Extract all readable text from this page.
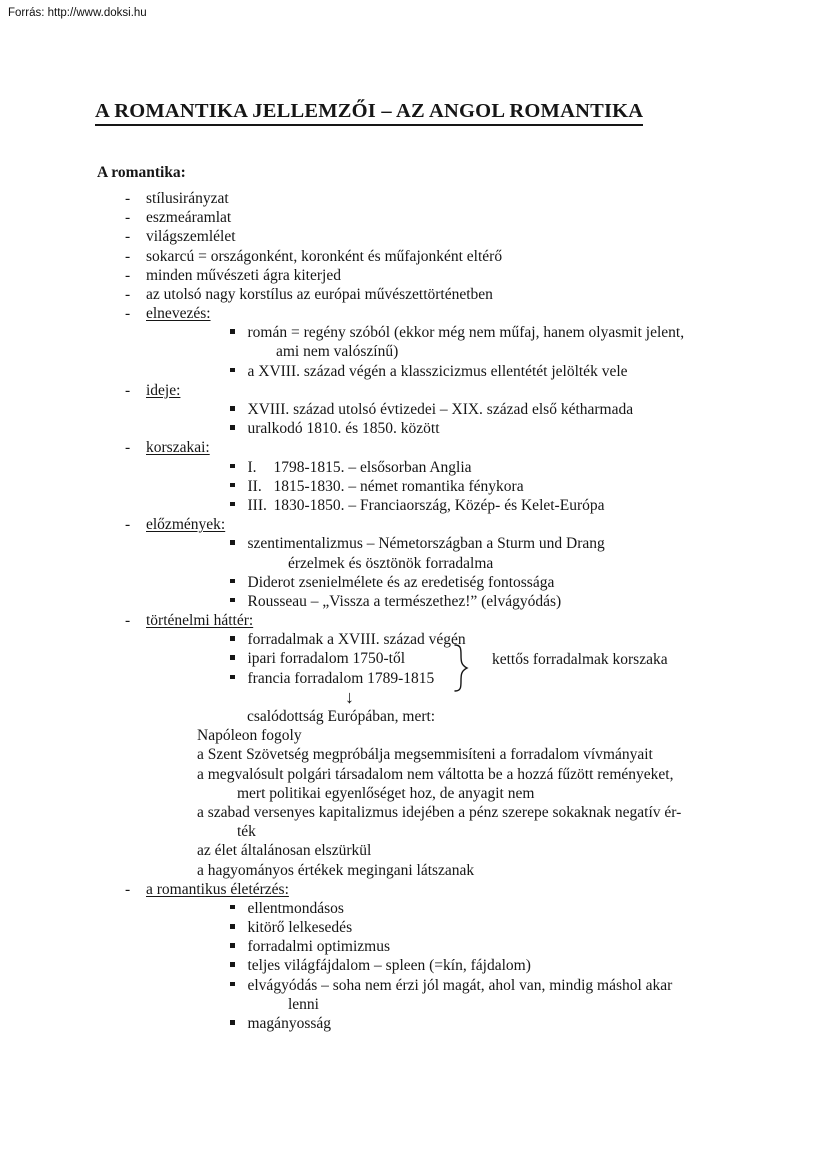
Forrás: http://www.doksi.hu
A ROMANTIKA JELLEMZŐI – AZ ANGOL ROMANTIKA
A romantika:
- stílusirányzat
- eszmeáramlat
- világszemlélet
- sokarcú = országonként, koronként és műfajonként eltérő
- minden művészeti ágra kiterjed
- az utolsó nagy korstílus az európai művészettörténetben
- elnevezés:
román = regény szóból (ekkor még nem műfaj, hanem olyasmit jelent,
ami nem valószínű)
a XVIII. század végén a klasszicizmus ellentétét jelölték vele
- ideje:
XVIII. század utolsó évtizedei – XIX. század első kétharmada
uralkodó 1810. és 1850. között
- korszakai:
I. 1798-1815. – elsősorban Anglia
II. 1815-1830. – német romantika fénykora
III. 1830-1850. – Franciaország, Közép- és Kelet-Európa
- előzmények:
szentimentalizmus – Németországban a Sturm und Drang
érzelmek és ösztönök forradalma
Diderot zsenielmélete és az eredetiség fontossága
Rousseau – „Vissza a természethez!” (elvágyódás)
- történelmi háttér:
forradalmak a XVIII. század végén
ipari forradalom 1750-től
francia forradalom 1789-1815
kettős forradalmak korszaka
↓
csalódottság Európában, mert:
Napóleon fogoly
a Szent Szövetség megpróbálja megsemmisíteni a forradalom vívmányait
a megvalósult polgári társadalom nem váltotta be a hozzá fűzött reményeket,
mert politikai egyenlőséget hoz, de anyagit nem
a szabad versenyes kapitalizmus idejében a pénz szerepe sokaknak negatív ér-
ték
az élet általánosan elszürkül
a hagyományos értékek megingani látszanak
- a romantikus életérzés:
ellentmondásos
kitörő lelkesedés
forradalmi optimizmus
teljes világfájdalom – spleen (=kín, fájdalom)
elvágyódás – soha nem érzi jól magát, ahol van, mindig máshol akar
lenni
magányosság
